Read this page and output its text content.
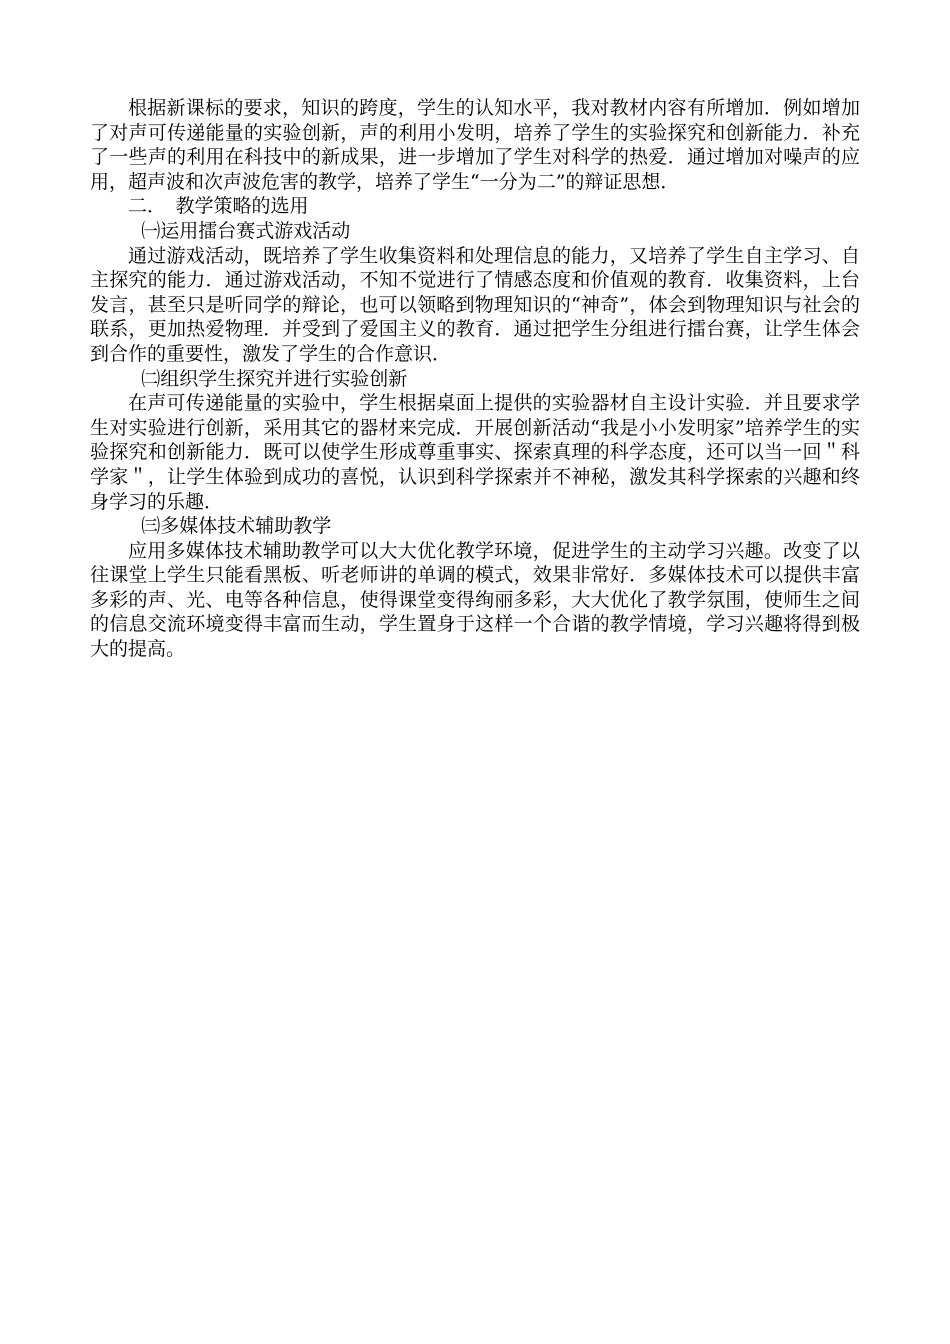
根据新课标的要求，知识的跨度，学生的认知水平，我对教材内容有所增加．例如增加了对声可传递能量的实验创新，声的利用小发明，培养了学生的实验探究和创新能力．补充了一些声的利用在科技中的新成果，进一步增加了学生对科学的热爱．通过增加对噪声的应用，超声波和次声波危害的教学，培养了学生“一分为二”的辩证思想．

二．　教学策略的选用

㈠运用擂台赛式游戏活动

通过游戏活动，既培养了学生收集资料和处理信息的能力，又培养了学生自主学习、自主探究的能力．通过游戏活动，不知不觉进行了情感态度和价值观的教育．收集资料，上台发言，甚至只是听同学的辩论，也可以领略到物理知识的“神奇”，体会到物理知识与社会的联系，更加热爱物理．并受到了爱国主义的教育．通过把学生分组进行擂台赛，让学生体会到合作的重要性，激发了学生的合作意识．

㈡组织学生探究并进行实验创新

在声可传递能量的实验中，学生根据桌面上提供的实验器材自主设计实验．并且要求学生对实验进行创新，采用其它的器材来完成．开展创新活动“我是小小发明家”培养学生的实验探究和创新能力．既可以使学生形成尊重事实、探索真理的科学态度，还可以当一回＂科学家＂，让学生体验到成功的喜悦，认识到科学探索并不神秘，激发其科学探索的兴趣和终身学习的乐趣．

㈢多媒体技术辅助教学

应用多媒体技术辅助教学可以大大优化教学环境，促进学生的主动学习兴趣。改变了以往课堂上学生只能看黑板、听老师讲的单调的模式，效果非常好．多媒体技术可以提供丰富多彩的声、光、电等各种信息，使得课堂变得绚丽多彩，大大优化了教学氛围，使师生之间的信息交流环境变得丰富而生动，学生置身于这样一个合谐的教学情境，学习兴趣将得到极大的提高。
